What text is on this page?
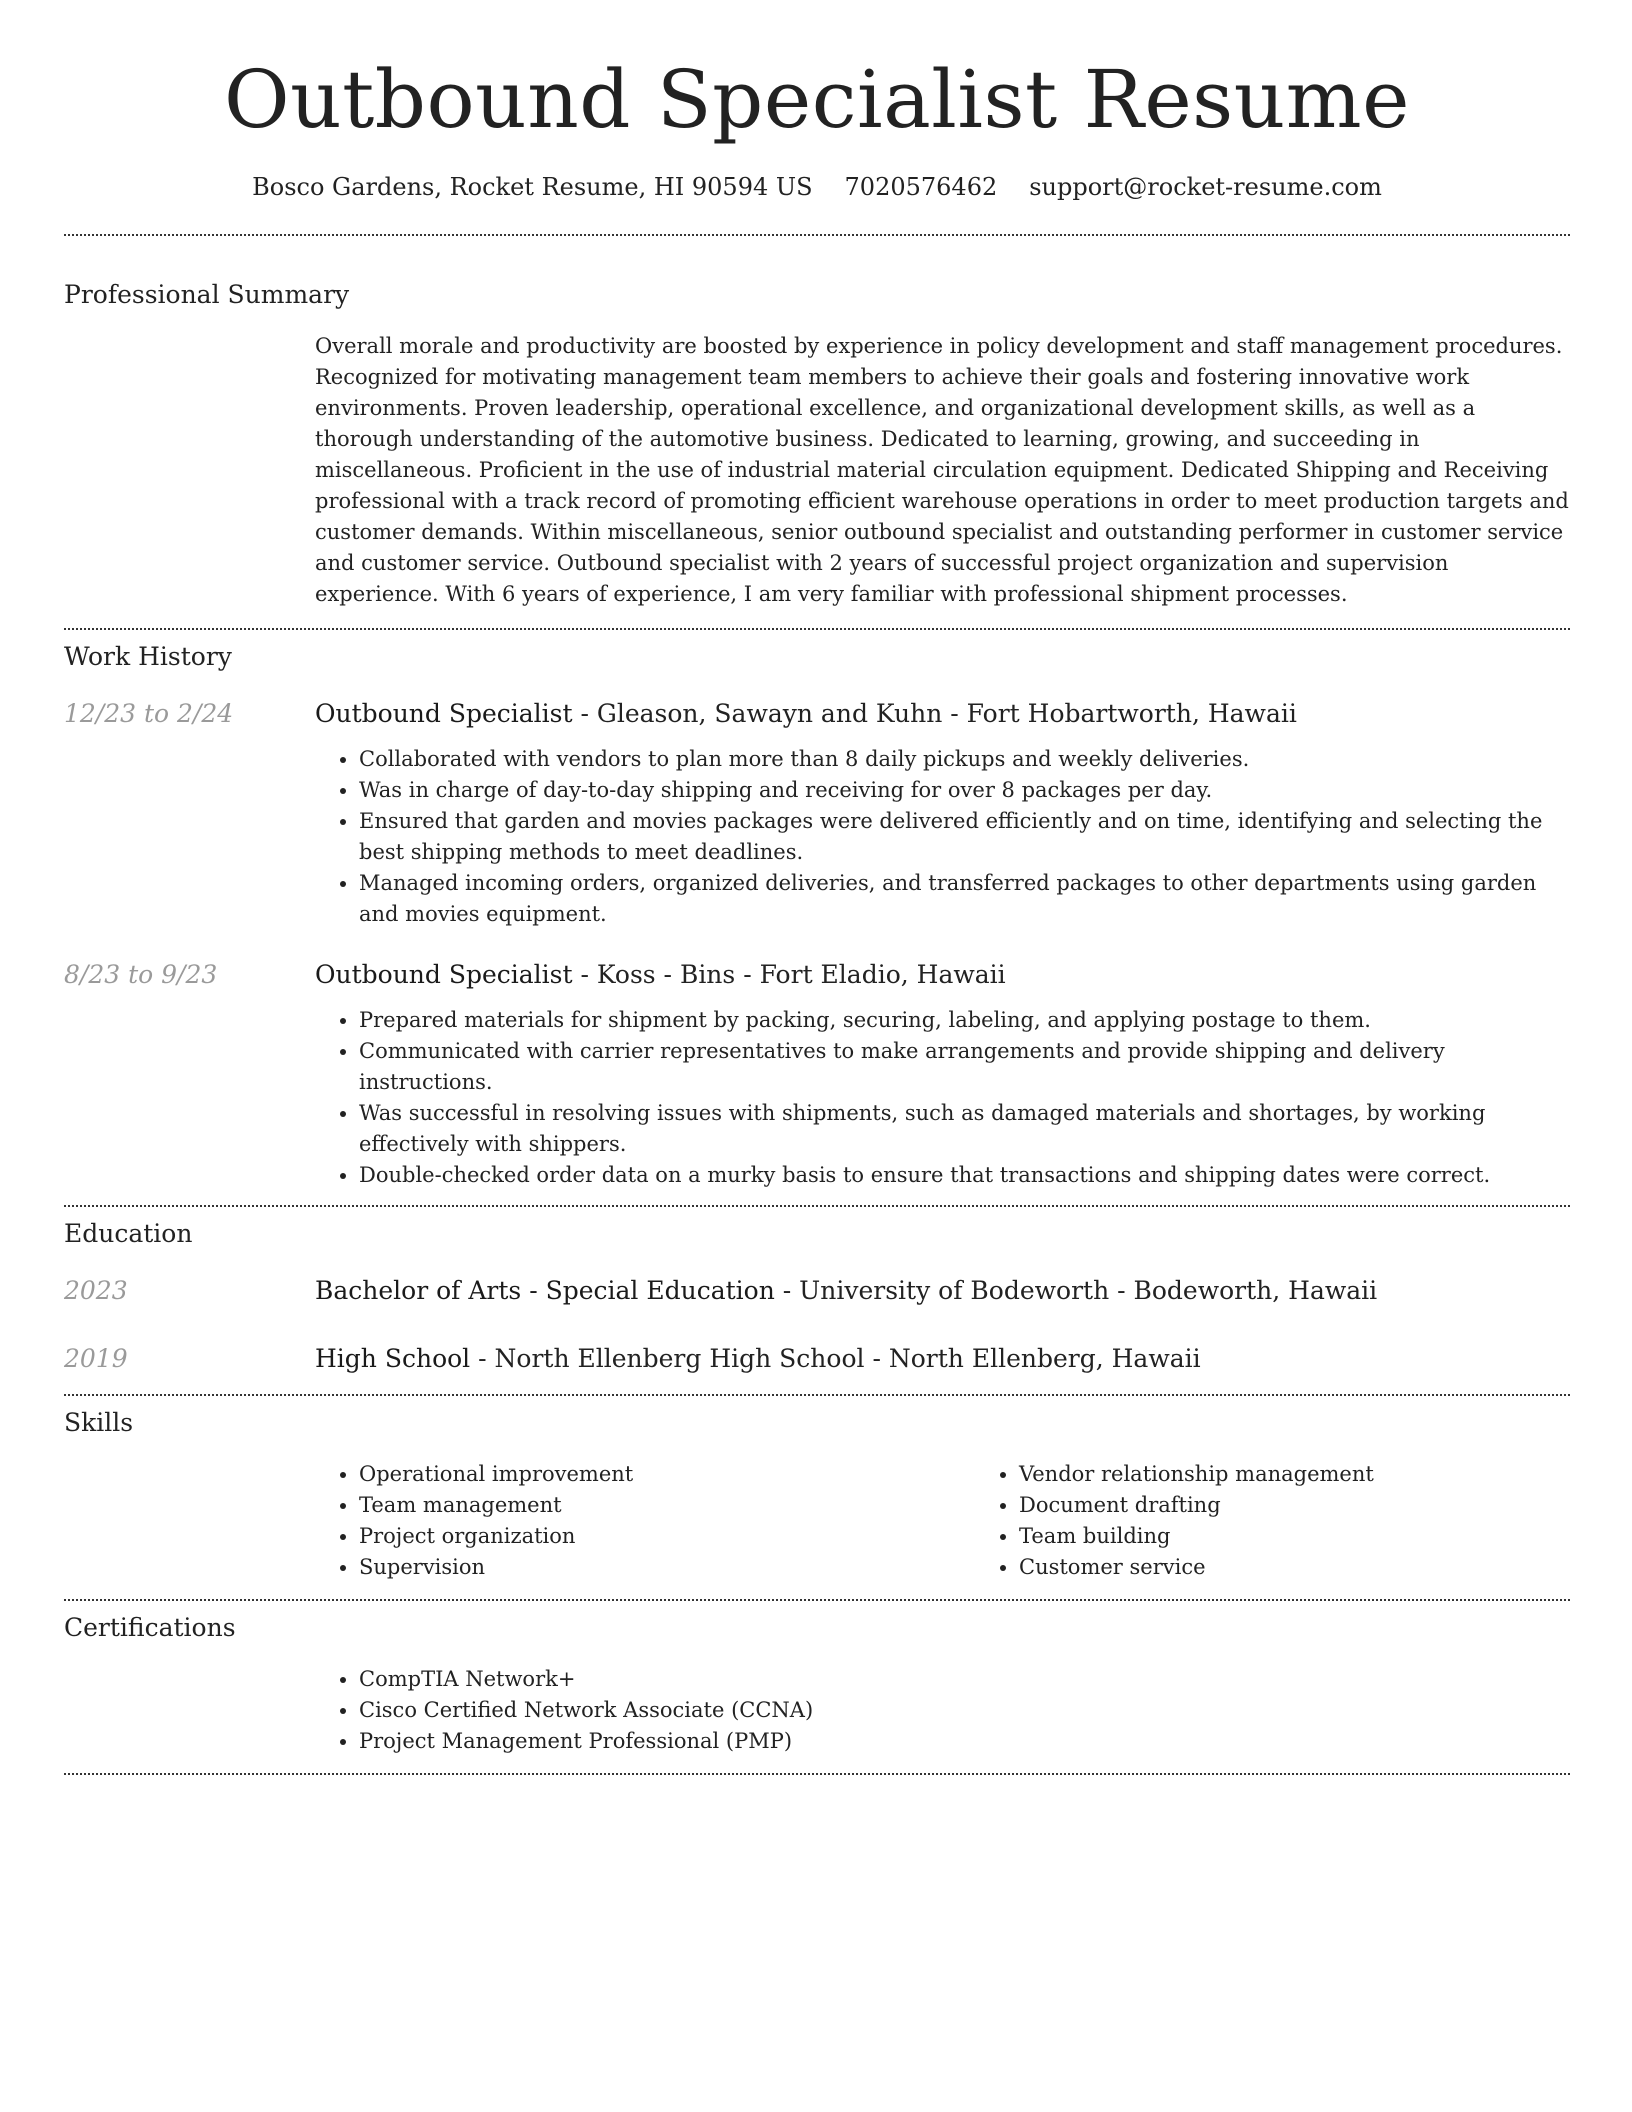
Outbound Specialist Resume
Bosco Gardens, Rocket Resume, HI 90594 US 7020576462 support@rocket-resume.com
Professional Summary

Overall morale and productivity are boosted by experience in policy development and staff management procedures. Recognized for motivating management team members to achieve their goals and fostering innovative work environments. Proven leadership, operational excellence, and organizational development skills, as well as a thorough understanding of the automotive business. Dedicated to learning, growing, and succeeding in miscellaneous. Proficient in the use of industrial material circulation equipment. Dedicated Shipping and Receiving professional with a track record of promoting efficient warehouse operations in order to meet production targets and customer demands. Within miscellaneous, senior outbound specialist and outstanding performer in customer service and customer service. Outbound specialist with 2 years of successful project organization and supervision experience. With 6 years of experience, I am very familiar with professional shipment processes.

Work History
12/23 to 2/24	Outbound Specialist - Gleason, Sawayn and Kuhn - Fort Hobartworth, Hawaii
• Collaborated with vendors to plan more than 8 daily pickups and weekly deliveries.
• Was in charge of day-to-day shipping and receiving for over 8 packages per day.
• Ensured that garden and movies packages were delivered efficiently and on time, identifying and selecting the best shipping methods to meet deadlines.
• Managed incoming orders, organized deliveries, and transferred packages to other departments using garden and movies equipment.
8/23 to 9/23	Outbound Specialist - Koss - Bins - Fort Eladio, Hawaii
• Prepared materials for shipment by packing, securing, labeling, and applying postage to them.
• Communicated with carrier representatives to make arrangements and provide shipping and delivery instructions.
• Was successful in resolving issues with shipments, such as damaged materials and shortages, by working effectively with shippers.
• Double-checked order data on a murky basis to ensure that transactions and shipping dates were correct.
Education
2023	Bachelor of Arts - Special Education - University of Bodeworth - Bodeworth, Hawaii
2019	High School - North Ellenberg High School - North Ellenberg, Hawaii
Skills
• Operational improvement
• Team management
• Project organization
• Supervision
• Vendor relationship management
• Document drafting
• Team building
• Customer service
Certifications
• CompTIA Network+
• Cisco Certified Network Associate (CCNA)
• Project Management Professional (PMP)
